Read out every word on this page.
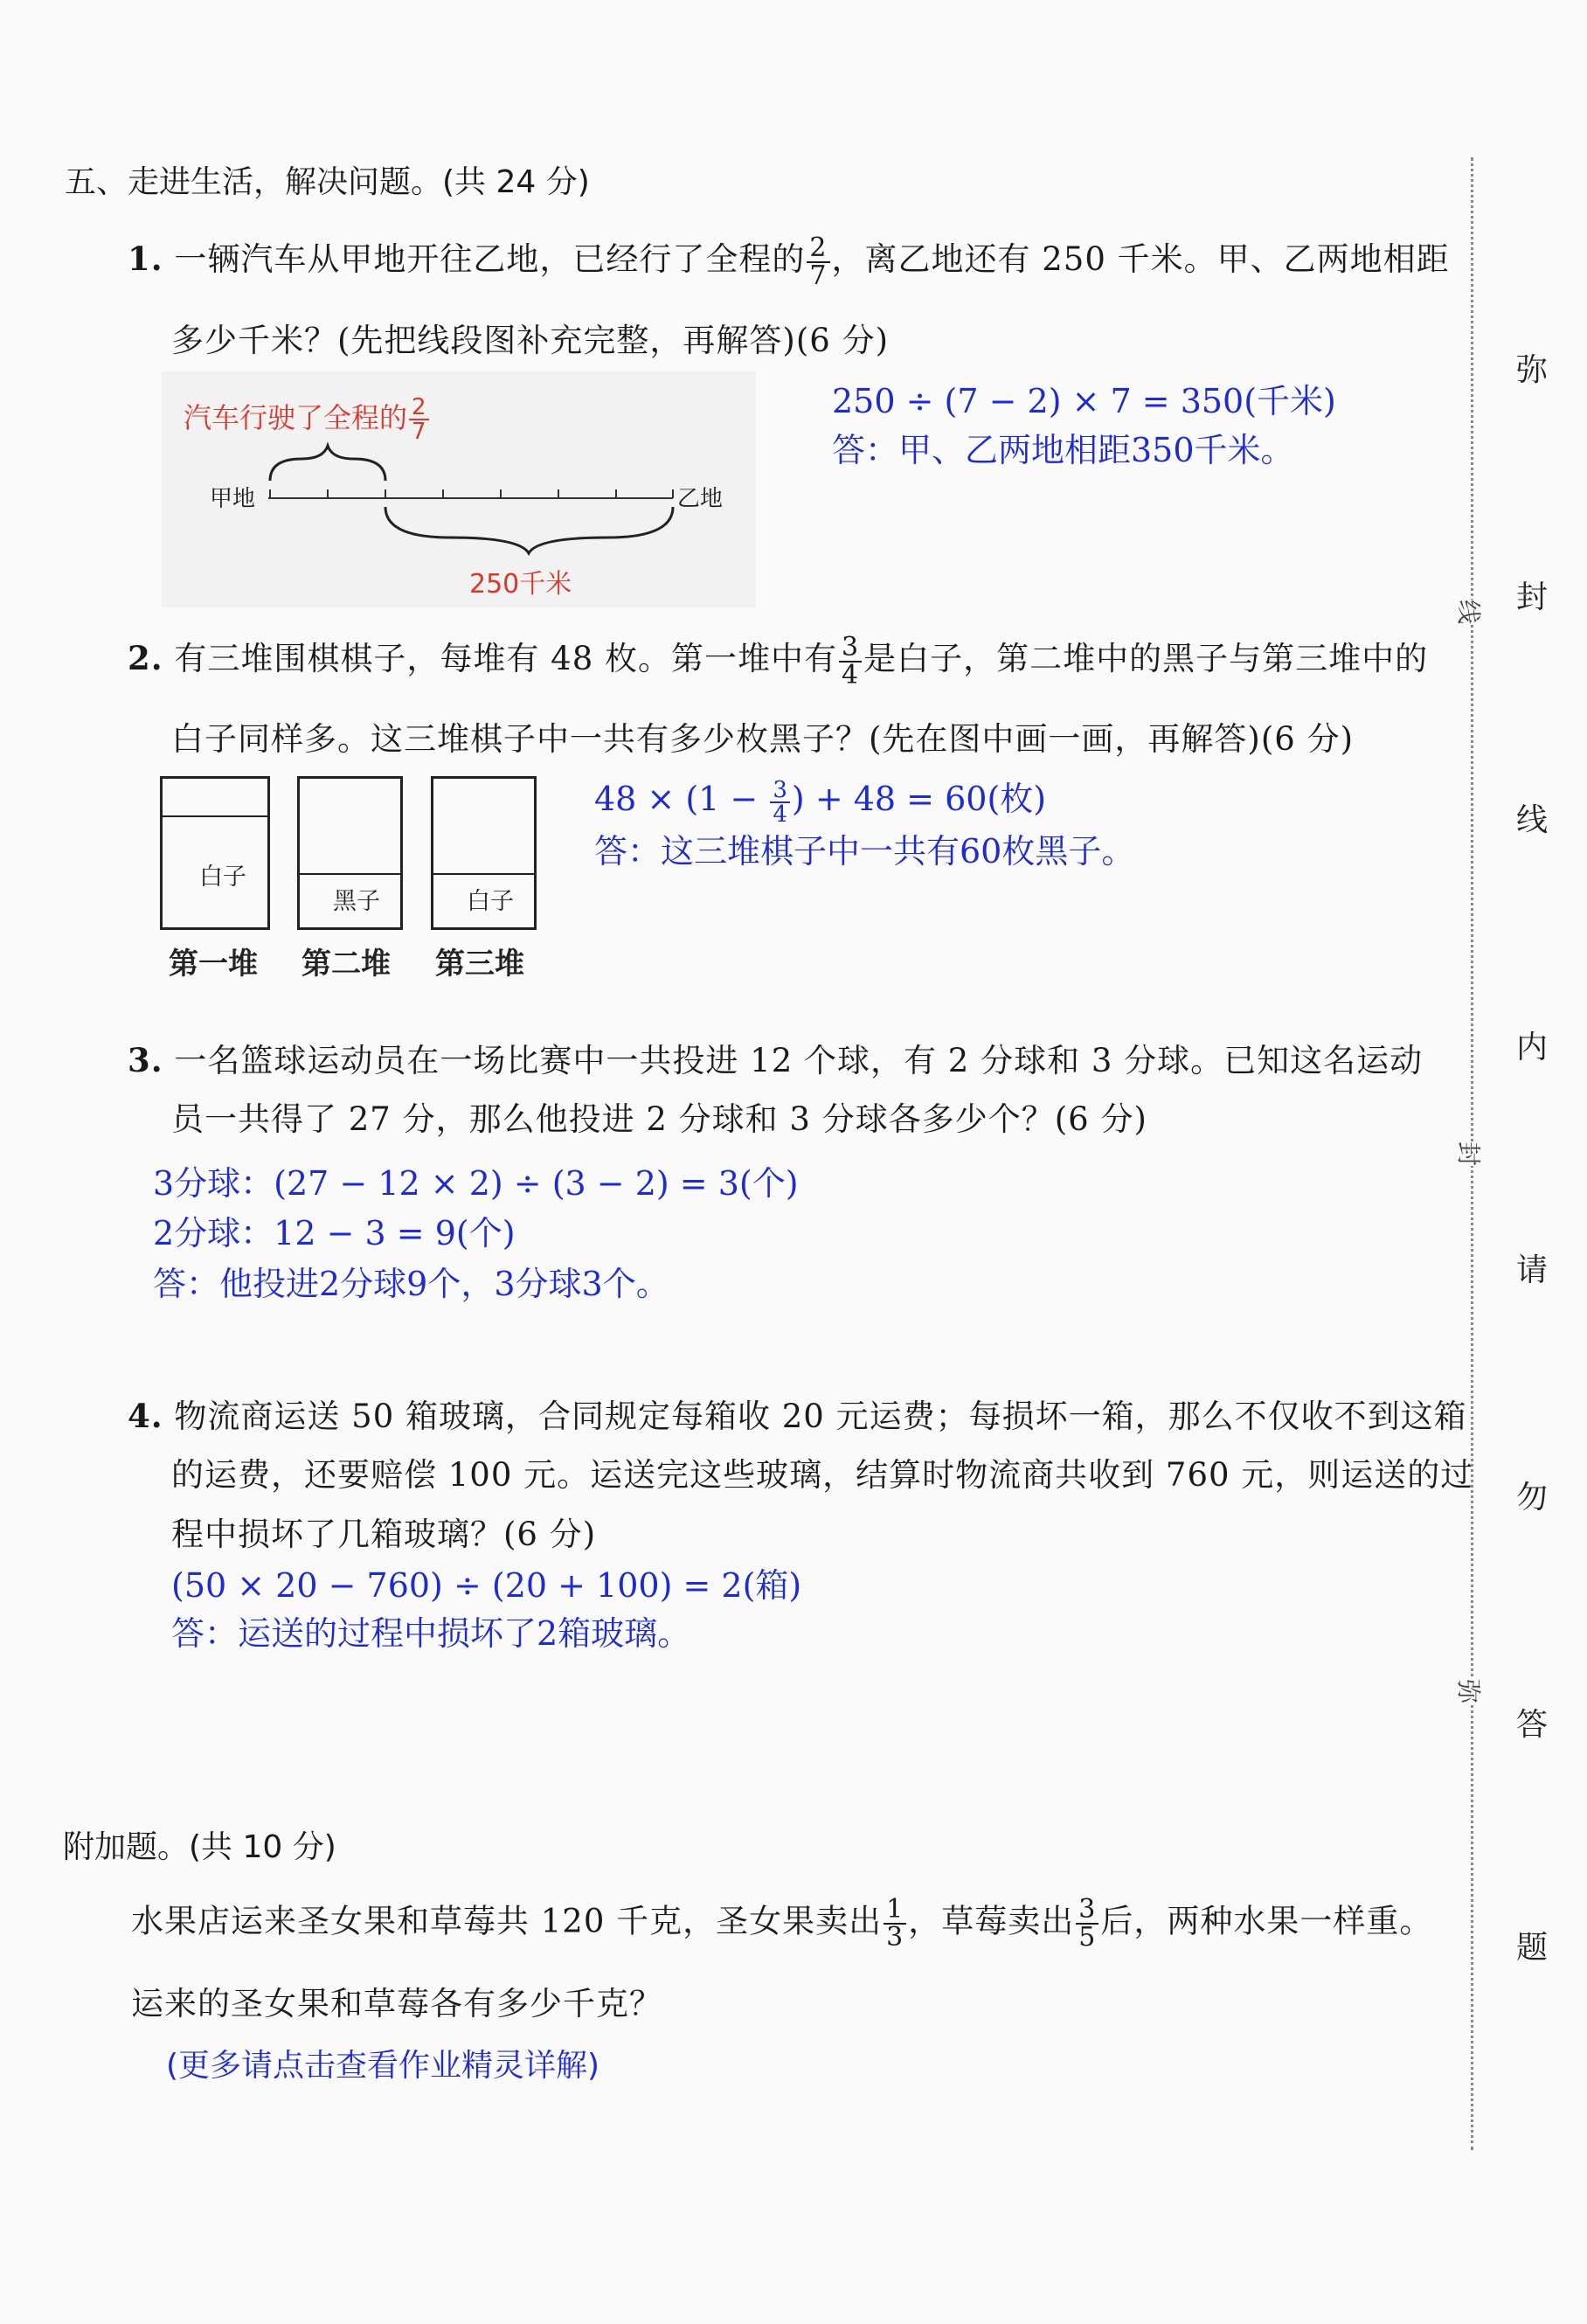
五、走进生活，解决问题。(共 24 分)
1. 一辆汽车从甲地开往乙地，已经行了全程的 $\frac{2}{7}$ ，离乙地还有 250 千米。甲、乙两地相距
多少千米？(先把线段图补充完整，再解答)(6 分)
汽车行驶了全程的 $\frac{2}{7}$
甲地	乙地
250千米
250 ÷ (7 − 2) × 7 = 350(千米)
答：甲、乙两地相距350千米。
2. 有三堆围棋棋子，每堆有 48 枚。第一堆中有 $\frac{3}{4}$ 是白子，第二堆中的黑子与第三堆中的
白子同样多。这三堆棋子中一共有多少枚黑子？(先在图中画一画，再解答)(6 分)
白子
黑子	白子
第一堆 第二堆 第三堆
$48 \times (1 - \frac{3}{4}$ ) + 48 = 60(枚)
答：这三堆棋子中一共有60枚黑子。
3. 一名篮球运动员在一场比赛中一共投进 12 个球，有 2 分球和 3 分球。已知这名运动
员一共得了 27 分，那么他投进 2 分球和 3 分球各多少个？(6 分)
3分球：(27 − 12 × 2) ÷ (3 − 2) = 3(个)
2分球：12 − 3 = 9(个)
答：他投进2分球9个，3分球3个。
4. 物流商运送 50 箱玻璃，合同规定每箱收 20 元运费；每损坏一箱，那么不仅收不到这箱
的运费，还要赔偿 100 元。运送完这些玻璃，结算时物流商共收到 760 元，则运送的过
程中损坏了几箱玻璃？(6 分)
(50 × 20 − 760) ÷ (20 + 100) = 2(箱)
答：运送的过程中损坏了2箱玻璃。
附加题。(共 10 分)
水果店运来圣女果和草莓共 120 千克，圣女果卖出 $\frac{1}{3}$ ，草莓卖出 $\frac{3}{5}$ 后，两种水果一样重。
运来的圣女果和草莓各有多少千克？
(更多请点击查看作业精灵详解)
线
封
弥
弥
封
线
内
请
勿
答
题
